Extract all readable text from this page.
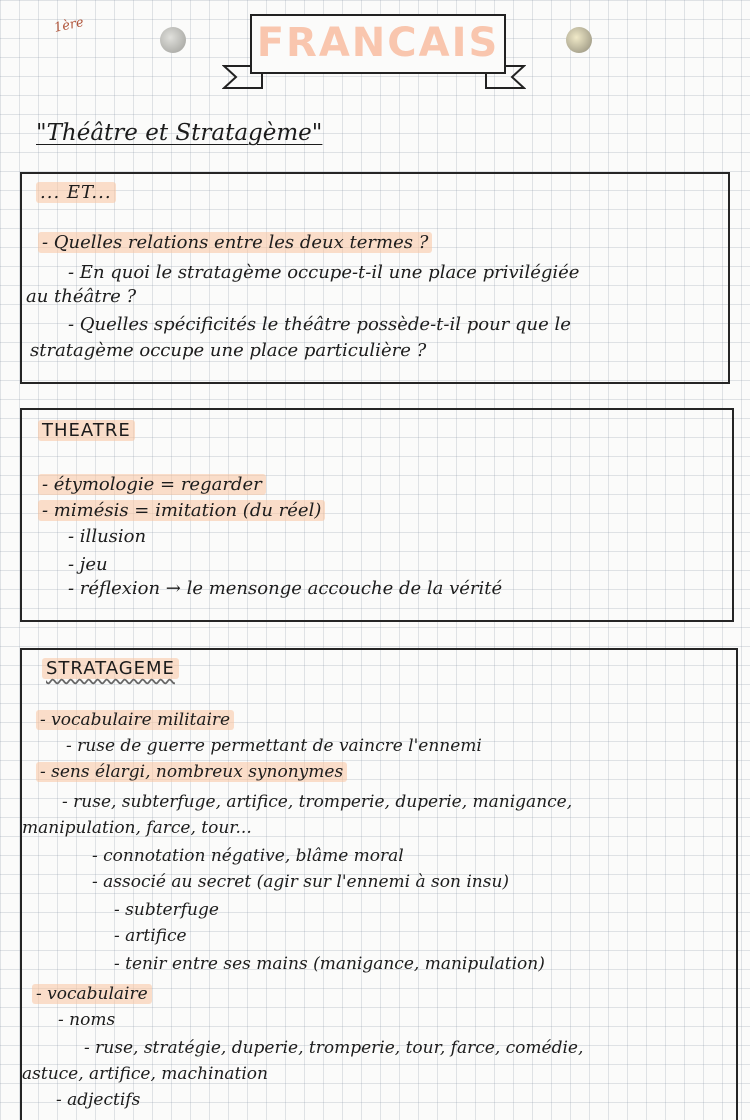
1ère	FRANCAIS
"Théâtre et Stratagème"
... ET...
- Quelles relations entre les deux termes ?
- En quoi le stratagème occupe-t-il une place privilégiée
au théâtre ?
- Quelles spécificités le théâtre possède-t-il pour que le
stratagème occupe une place particulière ?
THEATRE
- étymologie = regarder
- mimésis = imitation (du réel)
- illusion
- jeu
- réflexion → le mensonge accouche de la vérité
STRATAGEME
- vocabulaire militaire
- ruse de guerre permettant de vaincre l'ennemi
- sens élargi, nombreux synonymes
- ruse, subterfuge, artifice, tromperie, duperie, manigance,
manipulation, farce, tour...
- connotation négative, blâme moral
- associé au secret (agir sur l'ennemi à son insu)
- subterfuge
- artifice
- tenir entre ses mains (manigance, manipulation)
- vocabulaire
- noms
- ruse, stratégie, duperie, tromperie, tour, farce, comédie,
astuce, artifice, machination
- adjectifs
